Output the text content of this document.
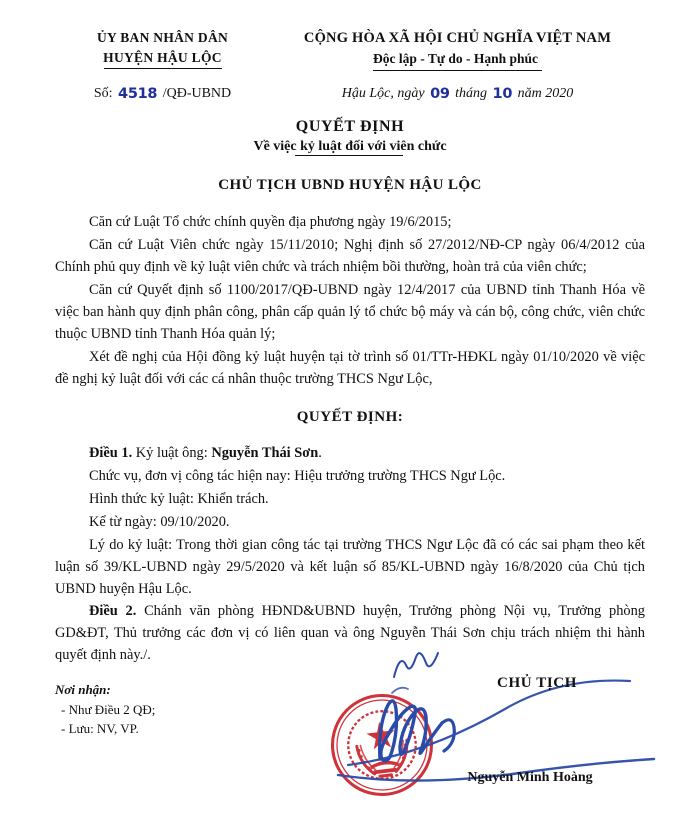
ỦY BAN NHÂN DÂN
HUYỆN HẬU LỘC
CỘNG HÒA XÃ HỘI CHỦ NGHĨA VIỆT NAM
Độc lập - Tự do - Hạnh phúc
Số: 4518 /QĐ-UBND	Hậu Lộc, ngày 09 tháng 10 năm 2020
QUYẾT ĐỊNH
Về việc kỷ luật đối với viên chức
CHỦ TỊCH UBND HUYỆN HẬU LỘC

Căn cứ Luật Tổ chức chính quyền địa phương ngày 19/6/2015;

Căn cứ Luật Viên chức ngày 15/11/2010; Nghị định số 27/2012/NĐ-CP ngày 06/4/2012 của Chính phủ quy định về kỷ luật viên chức và trách nhiệm bồi thường, hoàn trả của viên chức;

Căn cứ Quyết định số 1100/2017/QĐ-UBND ngày 12/4/2017 của UBND tỉnh Thanh Hóa về việc ban hành quy định phân công, phân cấp quản lý tổ chức bộ máy và cán bộ, công chức, viên chức thuộc UBND tỉnh Thanh Hóa quản lý;

Xét đề nghị của Hội đồng kỷ luật huyện tại tờ trình số 01/TTr-HĐKL ngày 01/10/2020 về việc đề nghị kỷ luật đối với các cá nhân thuộc trường THCS Ngư Lộc,

QUYẾT ĐỊNH:

Điều 1. Kỷ luật ông: Nguyễn Thái Sơn.

Chức vụ, đơn vị công tác hiện nay: Hiệu trưởng trường THCS Ngư Lộc.

Hình thức kỷ luật: Khiển trách.

Kể từ ngày: 09/10/2020.

Lý do kỷ luật: Trong thời gian công tác tại trường THCS Ngư Lộc đã có các sai phạm theo kết luận số 39/KL-UBND ngày 29/5/2020 và kết luận số 85/KL-UBND ngày 16/8/2020 của Chủ tịch UBND huyện Hậu Lộc.

Điều 2. Chánh văn phòng HĐND&UBND huyện, Trưởng phòng Nội vụ, Trưởng phòng GD&ĐT, Thủ trưởng các đơn vị có liên quan và ông Nguyễn Thái Sơn chịu trách nhiệm thi hành quyết định này./.

Nơi nhận:
- Như Điều 2 QĐ;
- Lưu: NV, VP.
CHỦ TỊCH
Nguyễn Minh Hoàng
